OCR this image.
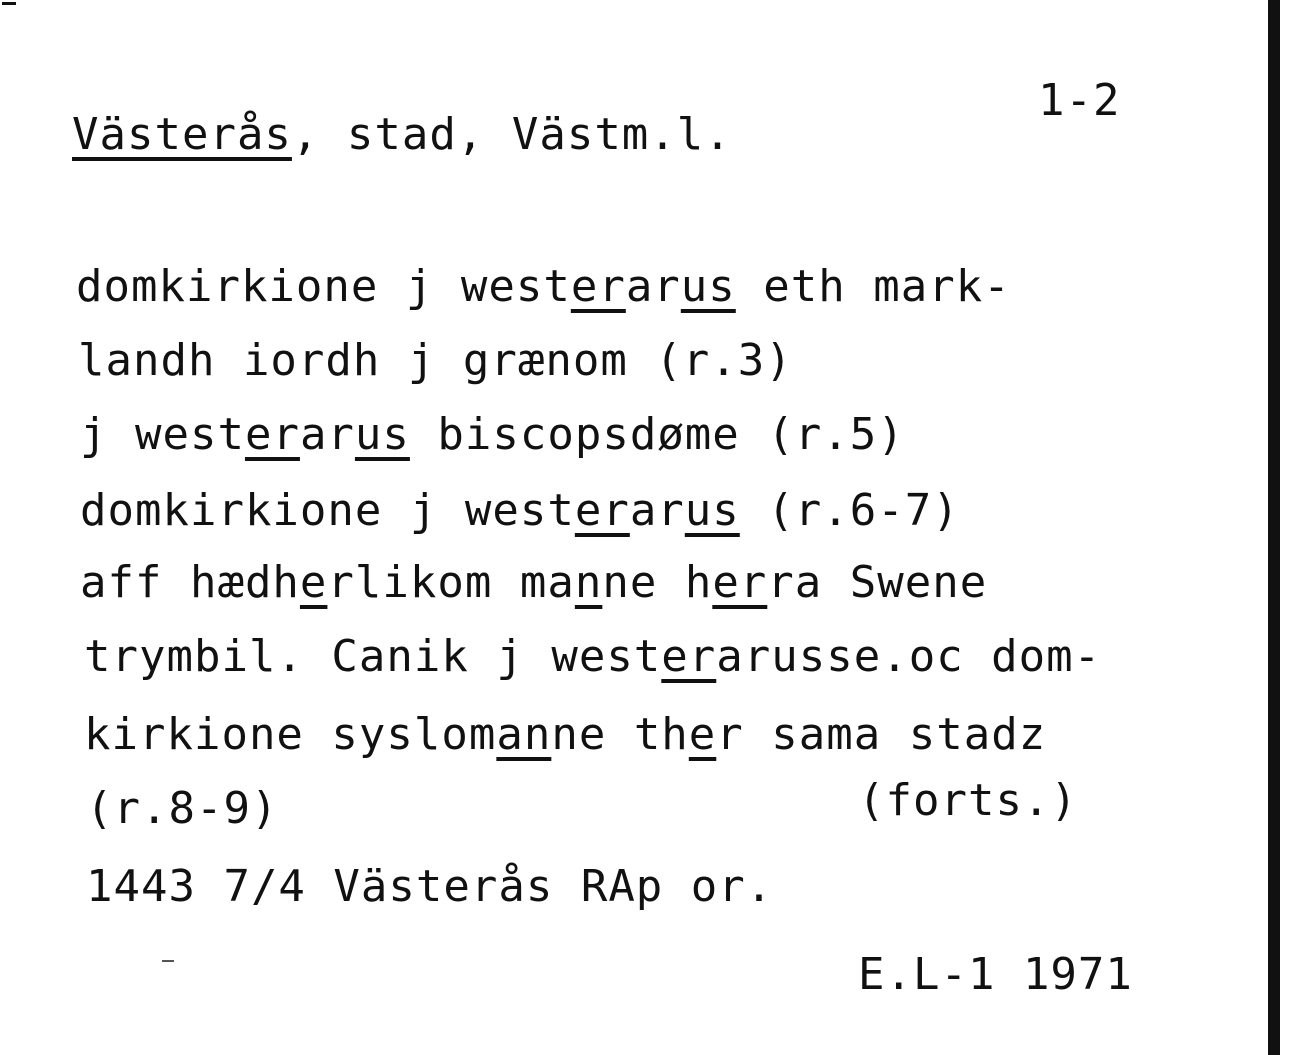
Västerås, stad, Västm.l.
1-2
domkirkione j westerarus eth mark-
landh iordh j grænom (r.3)
j westerarus biscopsdøme (r.5)
domkirkione j westerarus (r.6-7)
aff hædherlikom manne herra Swene
trymbil. Canik j westerarusse.oc dom-
kirkione syslomanne ther sama stadz
(r.8-9)	(forts.)
1443 7/4 Västerås RAp or.
E.L-1 1971
